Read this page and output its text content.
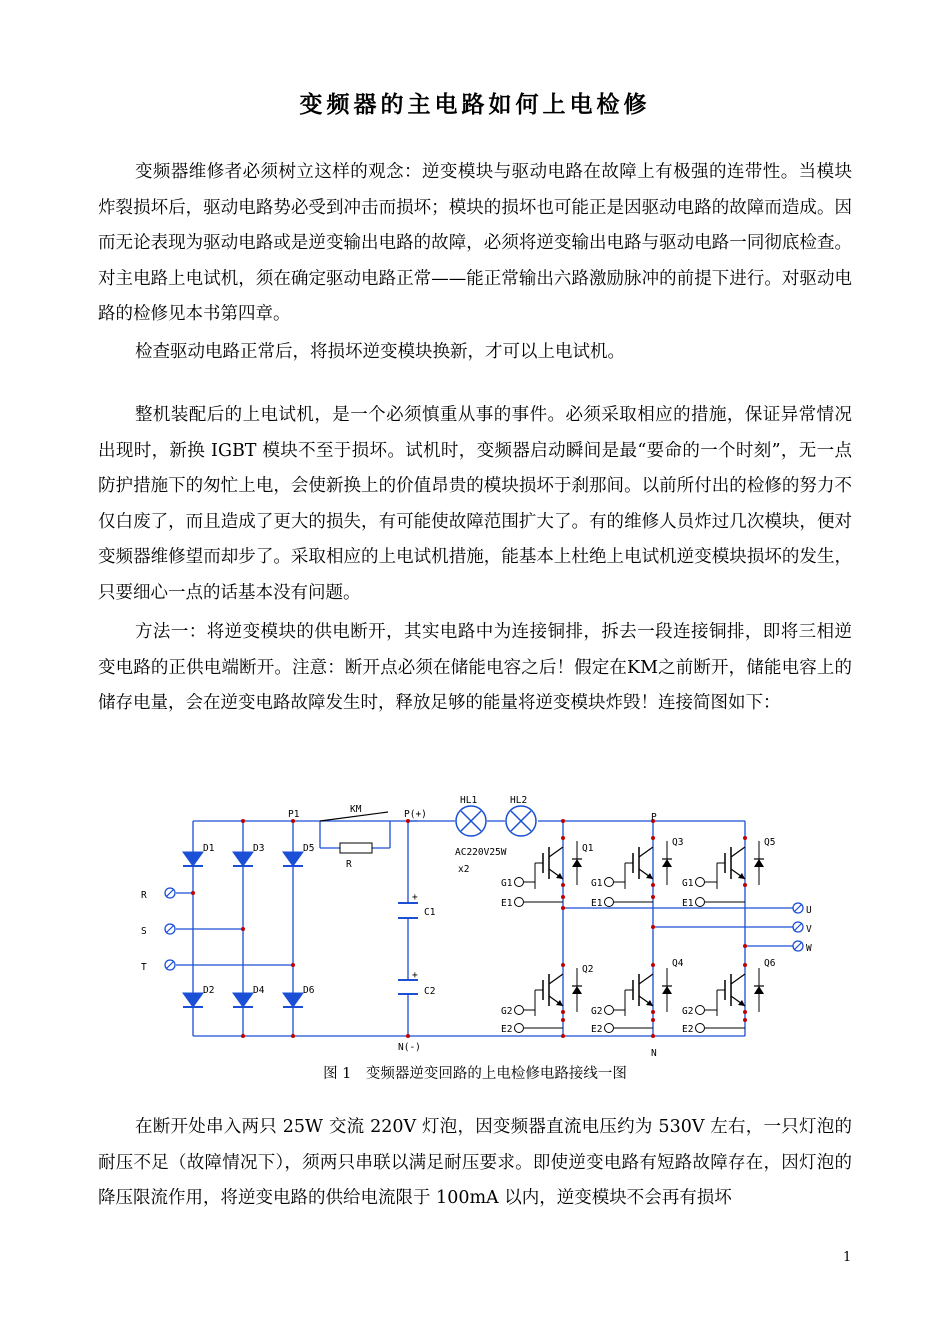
变频器的主电路如何上电检修

变频器维修者必须树立这样的观念：逆变模块与驱动电路在故障上有极强的连带性。当模块炸裂损坏后，驱动电路势必受到冲击而损坏；模块的损坏也可能正是因驱动电路的故障而造成。因而无论表现为驱动电路或是逆变输出电路的故障，必须将逆变输出电路与驱动电路一同彻底检查。对主电路上电试机，须在确定驱动电路正常——能正常输出六路激励脉冲的前提下进行。对驱动电路的检修见本书第四章。

检查驱动电路正常后，将损坏逆变模块换新，才可以上电试机。

整机装配后的上电试机，是一个必须慎重从事的事件。必须采取相应的措施，保证异常情况出现时，新换 IGBT 模块不至于损坏。试机时，变频器启动瞬间是最“要命的一个时刻”，无一点防护措施下的匆忙上电，会使新换上的价值昂贵的模块损坏于刹那间。以前所付出的检修的努力不仅白废了，而且造成了更大的损失，有可能使故障范围扩大了。有的维修人员炸过几次模块，便对变频器维修望而却步了。采取相应的上电试机措施，能基本上杜绝上电试机逆变模块损坏的发生，只要细心一点的话基本没有问题。

方法一：将逆变模块的供电断开，其实电路中为连接铜排，拆去一段连接铜排，即将三相逆变电路的正供电端断开。注意：断开点必须在储能电容之后！假定在KM之前断开，储能电容上的储存电量，会在逆变电路故障发生时，释放足够的能量将逆变模块炸毁！连接简图如下：

P1	KM	P(+)
HL1	HL2
AC220V25W
x2
R
P
N
N(-)
R
S
T
U
V
W
C1
C2
+
+
D1	D3	D5
D2	D4	D6
Q1
Q3	Q5
Q2
Q4	Q6
G1
E1
G1
E1
G1
E1
G2
E2
G2
E2
G2
E2
图 1　变频器逆变回路的上电检修电路接线一图

在断开处串入两只 25W 交流 220V 灯泡，因变频器直流电压约为 530V 左右，一只灯泡的耐压不足（故障情况下），须两只串联以满足耐压要求。即使逆变电路有短路故障存在，因灯泡的降压限流作用，将逆变电路的供给电流限于 100mA 以内，逆变模块不会再有损坏

1
